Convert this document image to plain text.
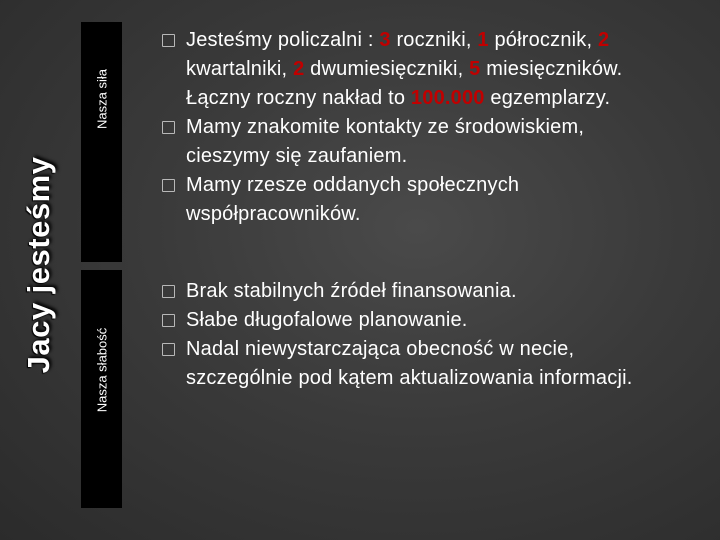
Jacy jesteśmy
Nasza siła
Nasza słabość
Jesteśmy policzalni : 3 roczniki, 1 półrocznik, 2
kwartalniki, 2 dwumiesięczniki, 5 miesięczników.
Łączny roczny nakład to 100.000 egzemplarzy.
Mamy znakomite kontakty ze środowiskiem,
cieszymy się zaufaniem.
Mamy rzesze oddanych społecznych
współpracowników.
Brak stabilnych źródeł finansowania.
Słabe długofalowe planowanie.
Nadal niewystarczająca obecność w necie,
szczególnie pod kątem aktualizowania informacji.
